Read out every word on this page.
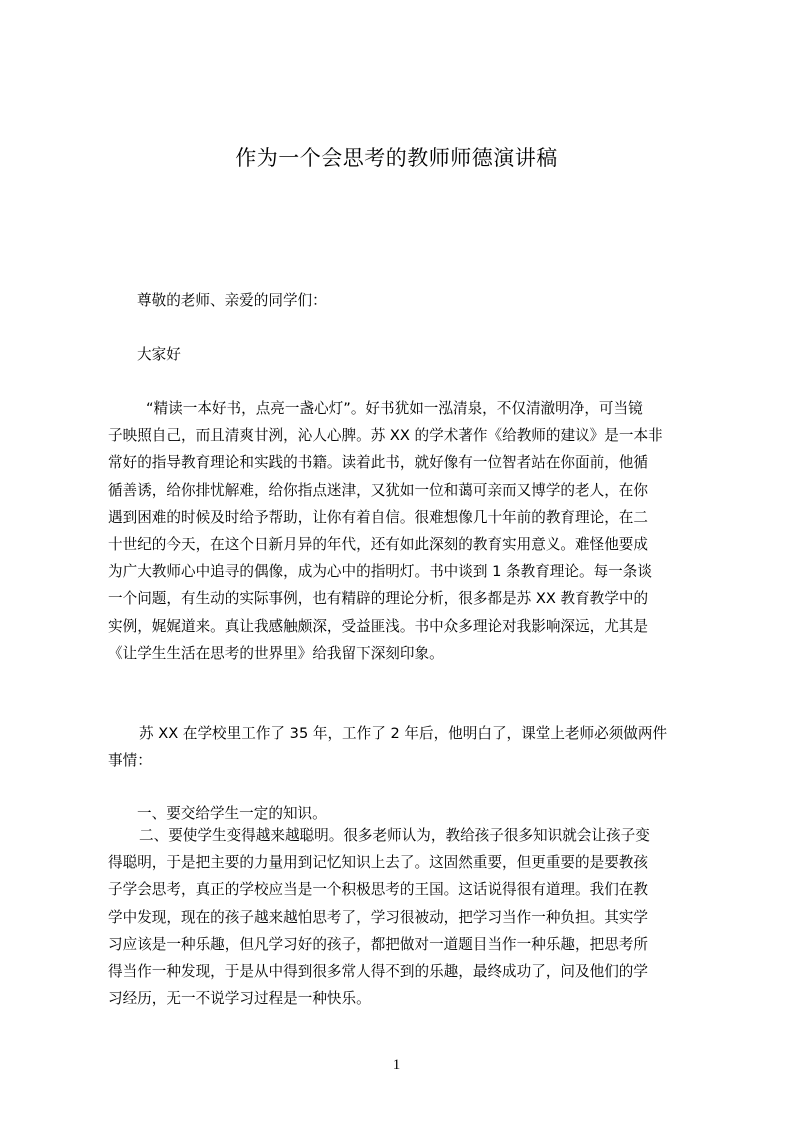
作为一个会思考的教师师德演讲稿
尊敬的老师、亲爱的同学们：
大家好
“精读一本好书，点亮一盏心灯”。好书犹如一泓清泉，不仅清澈明净，可当镜
子映照自己，而且清爽甘洌，沁人心脾。苏 XX 的学术著作《给教师的建议》是一本非
常好的指导教育理论和实践的书籍。读着此书，就好像有一位智者站在你面前，他循
循善诱，给你排忧解难，给你指点迷津，又犹如一位和蔼可亲而又博学的老人，在你
遇到困难的时候及时给予帮助，让你有着自信。很难想像几十年前的教育理论，在二
十世纪的今天，在这个日新月异的年代，还有如此深刻的教育实用意义。难怪他要成
为广大教师心中追寻的偶像，成为心中的指明灯。书中谈到 1 条教育理论。每一条谈
一个问题，有生动的实际事例，也有精辟的理论分析，很多都是苏 XX 教育教学中的
实例，娓娓道来。真让我感触颇深，受益匪浅。书中众多理论对我影响深远，尤其是
《让学生生活在思考的世界里》给我留下深刻印象。
苏 XX 在学校里工作了 35 年，工作了 2 年后，他明白了，课堂上老师必须做两件
事情：
一、要交给学生一定的知识。
二、要使学生变得越来越聪明。很多老师认为，教给孩子很多知识就会让孩子变
得聪明，于是把主要的力量用到记忆知识上去了。这固然重要，但更重要的是要教孩
子学会思考，真正的学校应当是一个积极思考的王国。这话说得很有道理。我们在教
学中发现，现在的孩子越来越怕思考了，学习很被动，把学习当作一种负担。其实学
习应该是一种乐趣，但凡学习好的孩子，都把做对一道题目当作一种乐趣，把思考所
得当作一种发现，于是从中得到很多常人得不到的乐趣，最终成功了，问及他们的学
习经历，无一不说学习过程是一种快乐。
1
